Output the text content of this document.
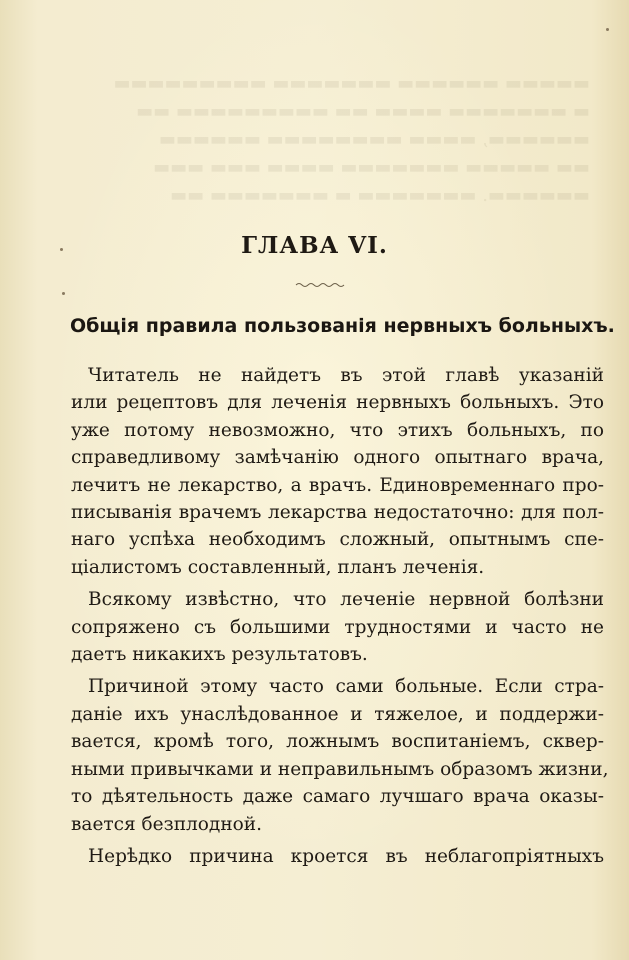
▬▬▬▬▬ ▬▬▬▬▬▬ ▬▬▬▬▬▬▬ ▬▬▬▬▬▬▬▬▬
▬ ▬▬▬▬▬▬▬ ▬▬▬▬ ▬▬ ▬▬▬▬▬▬▬▬▬ ▬▬
▬▬▬▬▬▬, ▬▬▬▬ ▬▬▬▬▬▬▬▬ ▬▬▬▬▬▬
▬▬ ▬▬▬▬▬ ▬▬▬▬▬▬▬ ▬▬▬▬ ▬▬▬ ▬▬▬
▬▬▬▬▬▬. ▬▬▬▬▬▬▬ ▬ ▬▬▬▬▬▬▬ ▬▬
ГЛАВА VI.
Общія правила пользованія нервныхъ больныхъ.
Читатель не найдетъ въ этой главѣ указаній
или рецептовъ для леченія нервныхъ больныхъ. Это
уже потому невозможно, что этихъ больныхъ, по
справедливому замѣчанію одного опытнаго врача,
лечитъ не лекарство, а врачъ. Единовременнаго про-
писыванія врачемъ лекарства недостаточно: для пол-
наго успѣха необходимъ сложный, опытнымъ спе-
ціалистомъ составленный, планъ леченія.
Всякому извѣстно, что леченіе нервной болѣзни
сопряжено съ большими трудностями и часто не
даетъ никакихъ результатовъ.
Причиной этому часто сами больные. Если стра-
даніе ихъ унаслѣдованное и тяжелое, и поддержи-
вается, кромѣ того, ложнымъ воспитаніемъ, сквер-
ными привычками и неправильнымъ образомъ жизни,
то дѣятельность даже самаго лучшаго врача оказы-
вается безплодной.
Нерѣдко причина кроется въ неблагопріятныхъ
